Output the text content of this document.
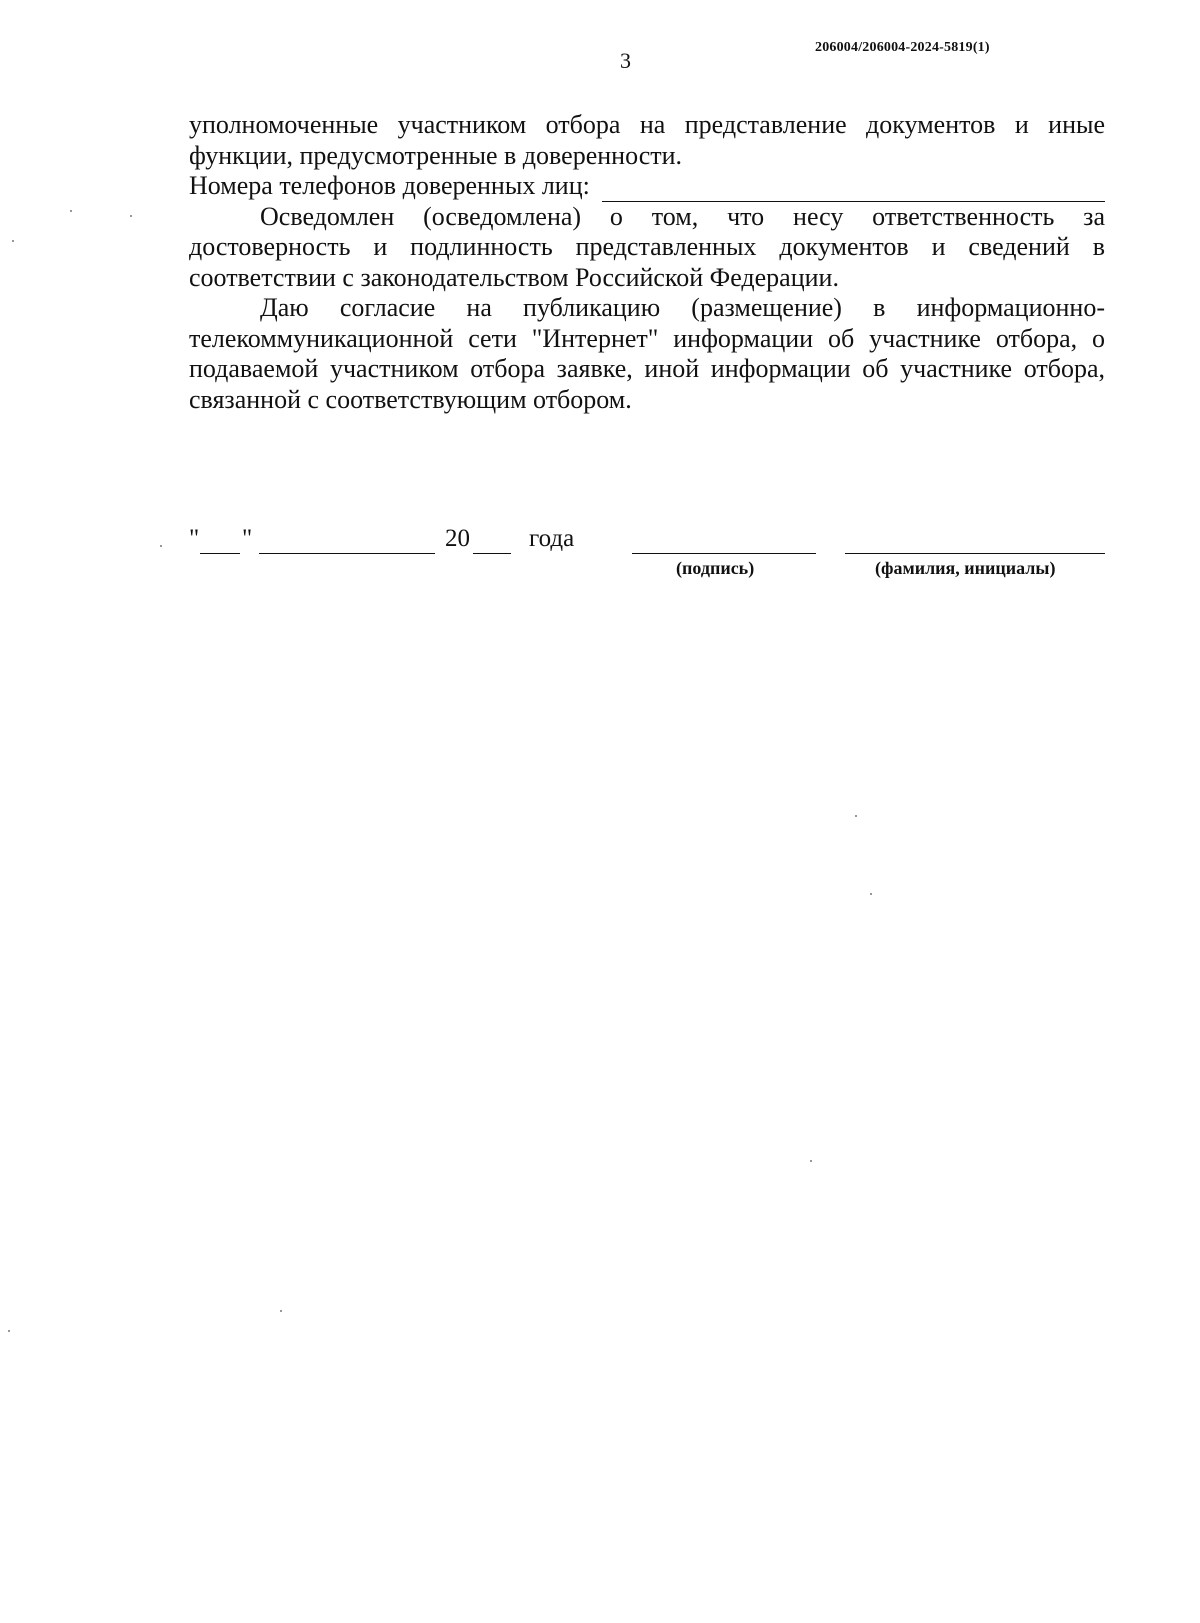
3
206004/206004-2024-5819(1)

уполномоченные участником отбора на представление документов и иные функции, предусмотренные в доверенности.

Номера телефонов доверенных лиц:

Осведомлен (осведомлена) о том, что несу ответственность за достоверность и подлинность представленных документов и сведений в соответствии с законодательством Российской Федерации.

Даю согласие на публикацию (размещение) в информационно-телекоммуникационной сети "Интернет" информации об участнике отбора, о подаваемой участником отбора заявке, иной информации об участнике отбора, связанной с соответствующим отбором.

" "	20 года
(подпись)	(фамилия, инициалы)
